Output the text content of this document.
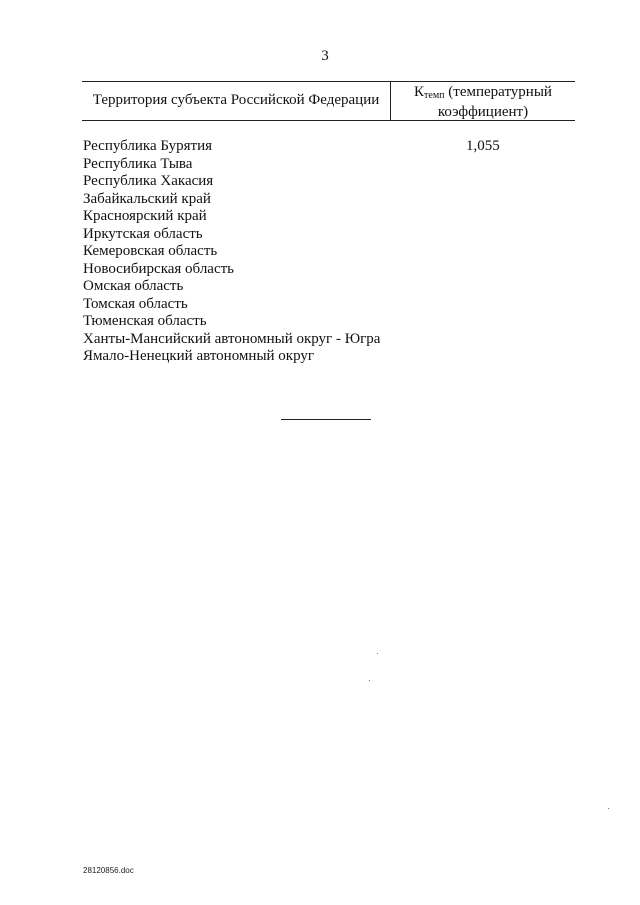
3
Территория субъекта Российской Федерации	Ктемп (температурный
коэффициент)
Республика Бурятия
Республика Тыва
Республика Хакасия
Забайкальский край
Красноярский край
Иркутская область
Кемеровская область
Новосибирская область
Омская область
Томская область
Тюменская область
Ханты-Мансийский автономный округ - Югра
Ямало-Ненецкий автономный округ
1,055
28120856.doc
